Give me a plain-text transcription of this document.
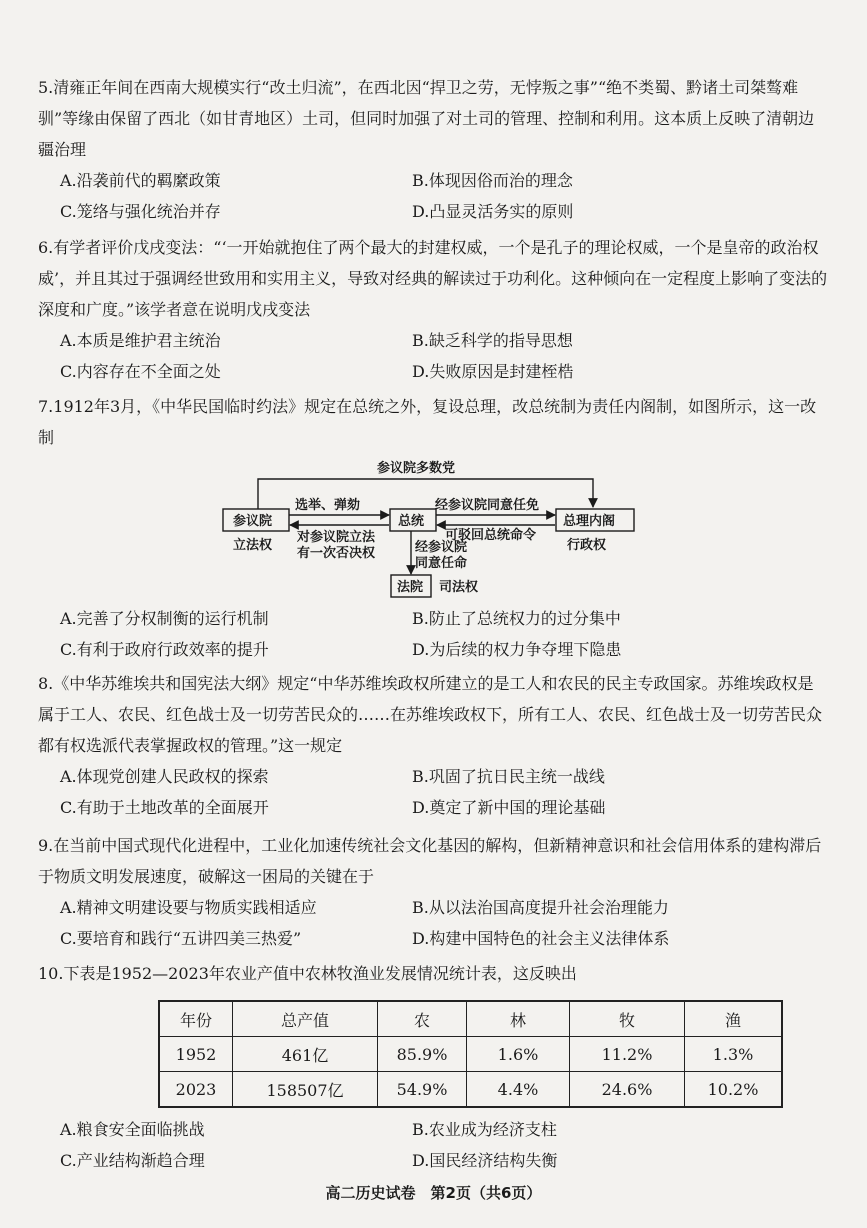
5.清雍正年间在西南大规模实行“改土归流”，在西北因“捍卫之劳，无悖叛之事”“绝不类蜀、黔诸土司桀骜难驯”等缘由保留了西北（如甘青地区）土司，但同时加强了对土司的管理、控制和利用。这本质上反映了清朝边疆治理

A.沿袭前代的羁縻政策	B.体现因俗而治的理念
C.笼络与强化统治并存	D.凸显灵活务实的原则

6.有学者评价戊戌变法：“‘一开始就抱住了两个最大的封建权威，一个是孔子的理论权威，一个是皇帝的政治权威’，并且其过于强调经世致用和实用主义，导致对经典的解读过于功利化。这种倾向在一定程度上影响了变法的深度和广度。”该学者意在说明戊戌变法

A.本质是维护君主统治	B.缺乏科学的指导思想
C.内容存在不全面之处	D.失败原因是封建桎梏

7.1912年3月，《中华民国临时约法》规定在总统之外，复设总理，改总统制为责任内阁制，如图所示，这一改制

参议院多数党
参议院
立法权
总统	总理内阁
行政权
法院 司法权
选举、弹劾
对参议院立法
有一次否决权
经参议院同意任免
可驳回总统命令
经参议院
同意任命
A.完善了分权制衡的运行机制	B.防止了总统权力的过分集中
C.有利于政府行政效率的提升	D.为后续的权力争夺埋下隐患

8.《中华苏维埃共和国宪法大纲》规定“中华苏维埃政权所建立的是工人和农民的民主专政国家。苏维埃政权是属于工人、农民、红色战士及一切劳苦民众的……在苏维埃政权下，所有工人、农民、红色战士及一切劳苦民众都有权选派代表掌握政权的管理。”这一规定

A.体现党创建人民政权的探索	B.巩固了抗日民主统一战线
C.有助于土地改革的全面展开	D.奠定了新中国的理论基础

9.在当前中国式现代化进程中，工业化加速传统社会文化基因的解构，但新精神意识和社会信用体系的建构滞后于物质文明发展速度，破解这一困局的关键在于

A.精神文明建设要与物质实践相适应	B.从以法治国高度提升社会治理能力
C.要培育和践行“五讲四美三热爱”	D.构建中国特色的社会主义法律体系

10.下表是1952—2023年农业产值中农林牧渔业发展情况统计表，这反映出

年份	总产值	农	林	牧	渔
1952	461亿	85.9%	1.6%	11.2%	1.3%
2023	158507亿	54.9%	4.4%	24.6%	10.2%
A.粮食安全面临挑战	B.农业成为经济支柱
C.产业结构渐趋合理	D.国民经济结构失衡
高二历史试卷　第2页（共6页）
